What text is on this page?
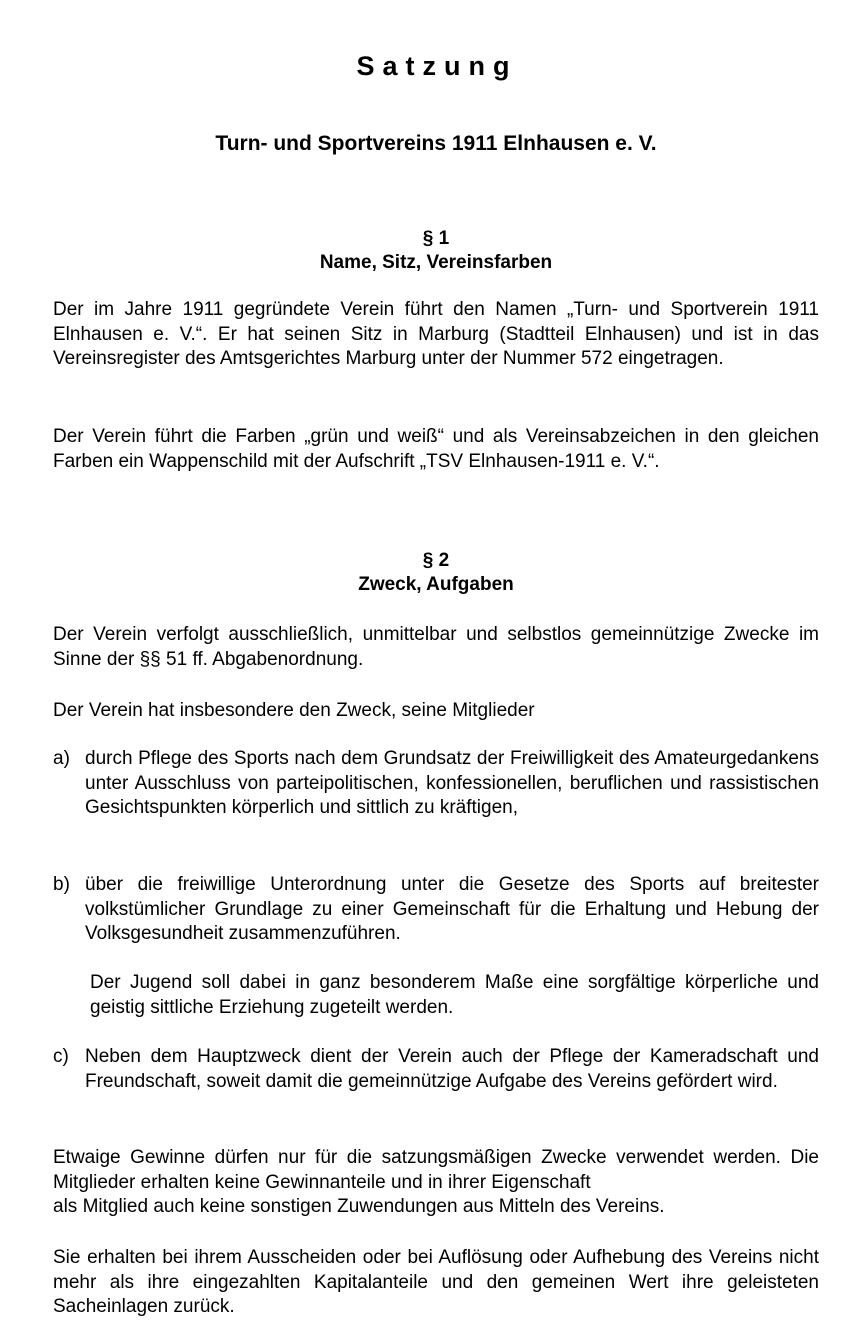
Satzung
Turn- und Sportvereins 1911 Elnhausen e. V.
§ 1
Name, Sitz, Vereinsfarben
Der im Jahre 1911 gegründete Verein führt den Namen „Turn- und Sportverein 1911 Elnhausen e. V.“. Er hat seinen Sitz in Marburg (Stadtteil Elnhausen) und ist in das Vereinsregister des Amtsgerichtes Marburg unter der Nummer 572 eingetragen.
Der Verein führt die Farben „grün und weiß“ und als Vereinsabzeichen in den gleichen Farben ein Wappenschild mit der Aufschrift „TSV Elnhausen-1911 e. V.“.
§ 2
Zweck, Aufgaben
Der Verein verfolgt ausschließlich, unmittelbar und selbstlos gemeinnützige Zwecke im Sinne der §§ 51 ff. Abgabenordnung.
Der Verein hat insbesondere den Zweck, seine Mitglieder
a) durch Pflege des Sports nach dem Grundsatz der Freiwilligkeit des Amateurgedankens unter Ausschluss von parteipolitischen, konfessionellen, beruflichen und rassistischen Gesichtspunkten körperlich und sittlich zu kräftigen,
b) über die freiwillige Unterordnung unter die Gesetze des Sports auf breitester volkstümlicher Grundlage zu einer Gemeinschaft für die Erhaltung und Hebung der Volksgesundheit zusammenzuführen.
Der Jugend soll dabei in ganz besonderem Maße eine sorgfältige körperliche und geistig sittliche Erziehung zugeteilt werden.
c) Neben dem Hauptzweck dient der Verein auch der Pflege der Kameradschaft und Freundschaft, soweit damit die gemeinnützige Aufgabe des Vereins gefördert wird.
Etwaige Gewinne dürfen nur für die satzungsmäßigen Zwecke verwendet werden. Die Mitglieder erhalten keine Gewinnanteile und in ihrer Eigenschaft
als Mitglied auch keine sonstigen Zuwendungen aus Mitteln des Vereins.
Sie erhalten bei ihrem Ausscheiden oder bei Auflösung oder Aufhebung des Vereins nicht mehr als ihre eingezahlten Kapitalanteile und den gemeinen Wert ihre geleisteten Sacheinlagen zurück.
